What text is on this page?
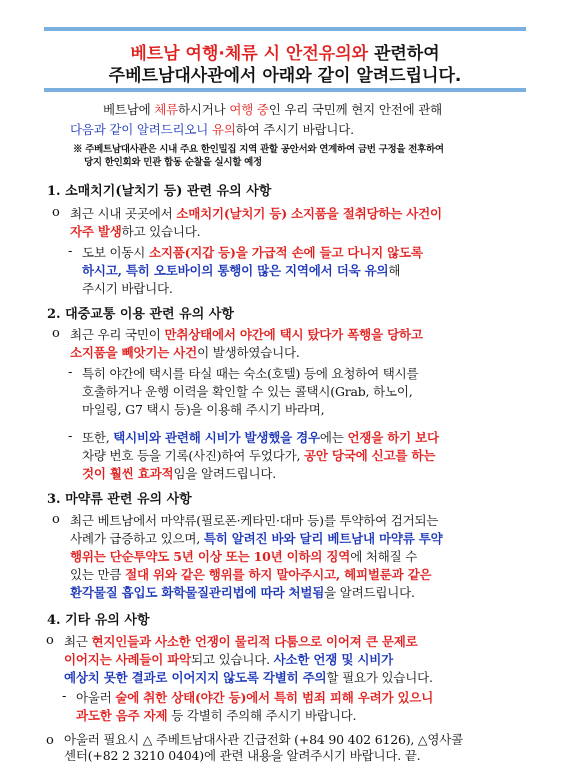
베트남 여행·체류 시 안전유의와 관련하여
주베트남대사관에서 아래와 같이 알려드립니다.
베트남에 체류하시거나 여행 중인 우리 국민께 현지 안전에 관해
다음과 같이 알려드리오니 유의하여 주시기 바랍니다.
※ 주베트남대사관은 시내 주요 한인밀집 지역 관할 공안서와 연계하여 금번 구정을 전후하여
당지 한인회와 민관 합동 순찰을 실시할 예정
1. 소매치기(날치기 등) 관련 유의 사항
o 최근 시내 곳곳에서 소매치기(날치기 등) 소지품을 절취당하는 사건이
자주 발생하고 있습니다.
- 도보 이동시 소지품(지갑 등)을 가급적 손에 들고 다니지 않도록
하시고, 특히 오토바이의 통행이 많은 지역에서 더욱 유의해
주시기 바랍니다.
2. 대중교통 이용 관련 유의 사항
o 최근 우리 국민이 만취상태에서 야간에 택시 탔다가 폭행을 당하고
소지품을 빼앗기는 사건이 발생하였습니다.
- 특히 야간에 택시를 타실 때는 숙소(호텔) 등에 요청하여 택시를
호출하거나 운행 이력을 확인할 수 있는 콜택시(Grab, 하노이,
마일링, G7 택시 등)을 이용해 주시기 바라며,
- 또한, 택시비와 관련해 시비가 발생했을 경우에는 언쟁을 하기 보다
차량 번호 등을 기록(사진)하여 두었다가, 공안 당국에 신고를 하는
것이 훨씬 효과적임을 알려드립니다.
3. 마약류 관련 유의 사항
o 최근 베트남에서 마약류(필로폰·케타민·대마 등)를 투약하여 검거되는
사례가 급증하고 있으며, 특히 알려진 바와 달리 베트남내 마약류 투약
행위는 단순투약도 5년 이상 또는 10년 이하의 징역에 처해질 수
있는 만큼 절대 위와 같은 행위를 하지 말아주시고, 헤피벌룬과 같은
환각물질 흡입도 화학물질관리법에 따라 처벌됨을 알려드립니다.
4. 기타 유의 사항
o 최근 현지인들과 사소한 언쟁이 물리적 다툼으로 이어져 큰 문제로
이어지는 사례들이 파악되고 있습니다. 사소한 언쟁 및 시비가
예상치 못한 결과로 이어지지 않도록 각별히 주의할 필요가 있습니다.
- 아울러 술에 취한 상태(야간 등)에서 특히 범죄 피해 우려가 있으니
과도한 음주 자제 등 각별히 주의해 주시기 바랍니다.
o 아울러 필요시 △ 주베트남대사관 긴급전화 (+84 90 402 6126), △영사콜
센터(+82 2 3210 0404)에 관련 내용을 알려주시기 바랍니다. 끝.
